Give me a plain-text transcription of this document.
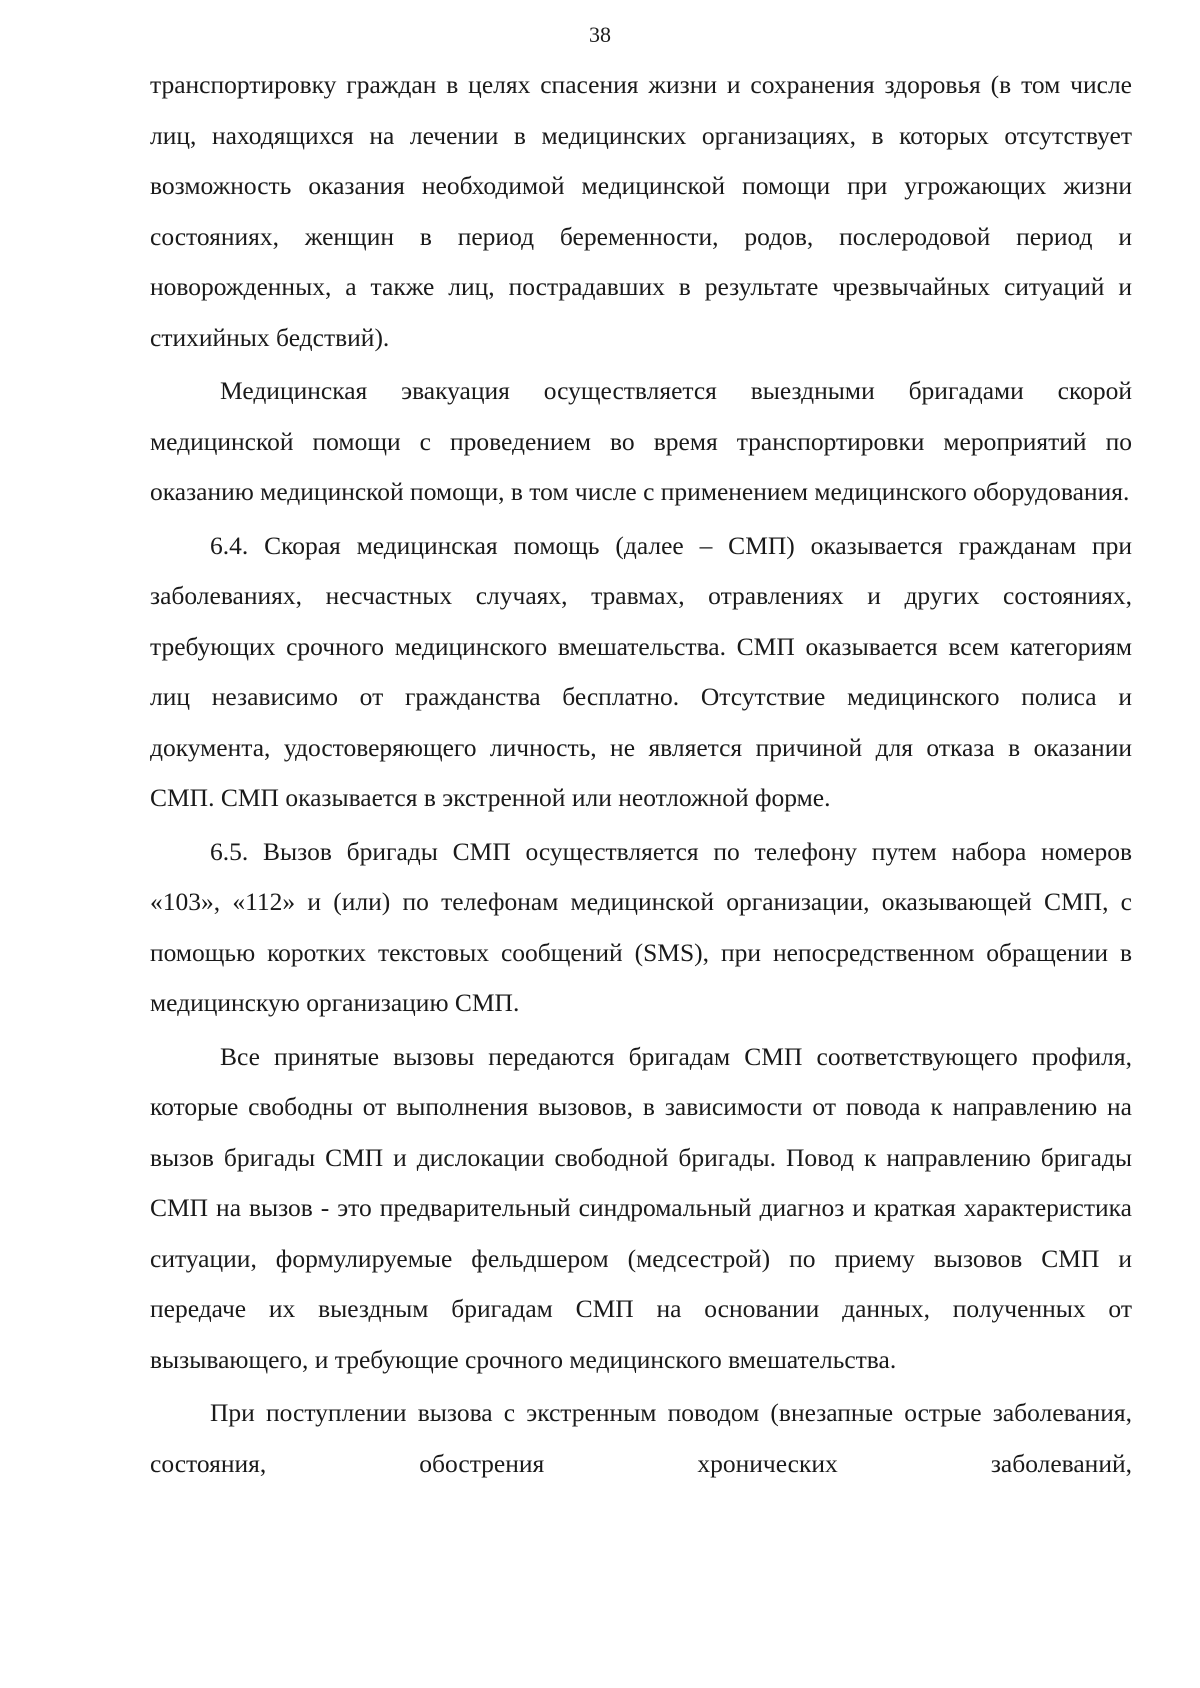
38

транспортировку граждан в целях спасения жизни и сохранения здоровья (в том числе лиц, находящихся на лечении в медицинских организациях, в которых отсутствует возможность оказания необходимой медицинской помощи при угрожающих жизни состояниях, женщин в период беременности, родов, послеродовой период и новорожденных, а также лиц, пострадавших в результате чрезвычайных ситуаций и стихийных бедствий).

Медицинская эвакуация осуществляется выездными бригадами скорой медицинской помощи с проведением во время транспортировки мероприятий по оказанию медицинской помощи, в том числе с применением медицинского оборудования.

6.4. Скорая медицинская помощь (далее – СМП) оказывается гражданам при заболеваниях, несчастных случаях, травмах, отравлениях и других состояниях, требующих срочного медицинского вмешательства. СМП оказывается всем категориям лиц независимо от гражданства бесплатно. Отсутствие медицинского полиса и документа, удостоверяющего личность, не является причиной для отказа в оказании СМП. СМП оказывается в экстренной или неотложной форме.

6.5. Вызов бригады СМП осуществляется по телефону путем набора номеров «103», «112» и (или) по телефонам медицинской организации, оказывающей СМП, с помощью коротких текстовых сообщений (SMS), при непосредственном обращении в медицинскую организацию СМП.

Все принятые вызовы передаются бригадам СМП соответствующего профиля, которые свободны от выполнения вызовов, в зависимости от повода к направлению на вызов бригады СМП и дислокации свободной бригады. Повод к направлению бригады СМП на вызов - это предварительный синдромальный диагноз и краткая характеристика ситуации, формулируемые фельдшером (медсестрой) по приему вызовов СМП и передаче их выездным бригадам СМП на основании данных, полученных от вызывающего, и требующие срочного медицинского вмешательства.

При поступлении вызова с экстренным поводом (внезапные острые заболевания, состояния, обострения хронических заболеваний,
